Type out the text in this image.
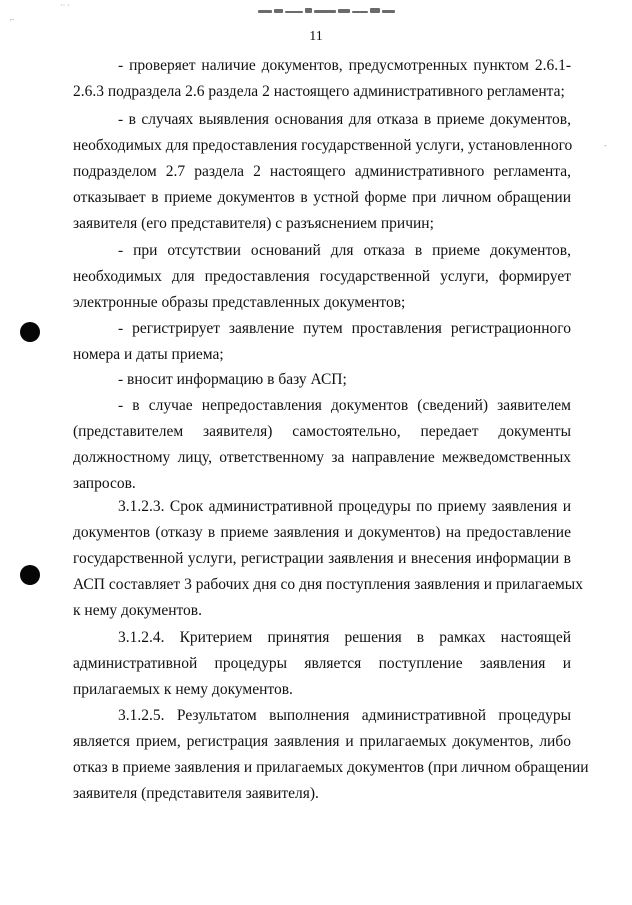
·· ·
⌐
-
11
- проверяет наличие документов, предусмотренных пунктом 2.6.1-
2.6.3 подраздела 2.6 раздела 2 настоящего административного регламента;
- в случаях выявления основания для отказа в приеме документов,
необходимых для предоставления государственной услуги, установленного
подразделом 2.7 раздела 2 настоящего административного регламента,
отказывает в приеме документов в устной форме при личном обращении
заявителя (его представителя) с разъяснением причин;
- при отсутствии оснований для отказа в приеме документов,
необходимых для предоставления государственной услуги, формирует
электронные образы представленных документов;
- регистрирует заявление путем проставления регистрационного
номера и даты приема;
- вносит информацию в базу АСП;
- в случае непредоставления документов (сведений) заявителем
(представителем заявителя) самостоятельно, передает документы
должностному лицу, ответственному за направление межведомственных
запросов.
3.1.2.3. Срок административной процедуры по приему заявления и
документов (отказу в приеме заявления и документов) на предоставление
государственной услуги, регистрации заявления и внесения информации в
АСП составляет 3 рабочих дня со дня поступления заявления и прилагаемых
к нему документов.
3.1.2.4. Критерием принятия решения в рамках настоящей
административной процедуры является поступление заявления и
прилагаемых к нему документов.
3.1.2.5. Результатом выполнения административной процедуры
является прием, регистрация заявления и прилагаемых документов, либо
отказ в приеме заявления и прилагаемых документов (при личном обращении
заявителя (представителя заявителя).
